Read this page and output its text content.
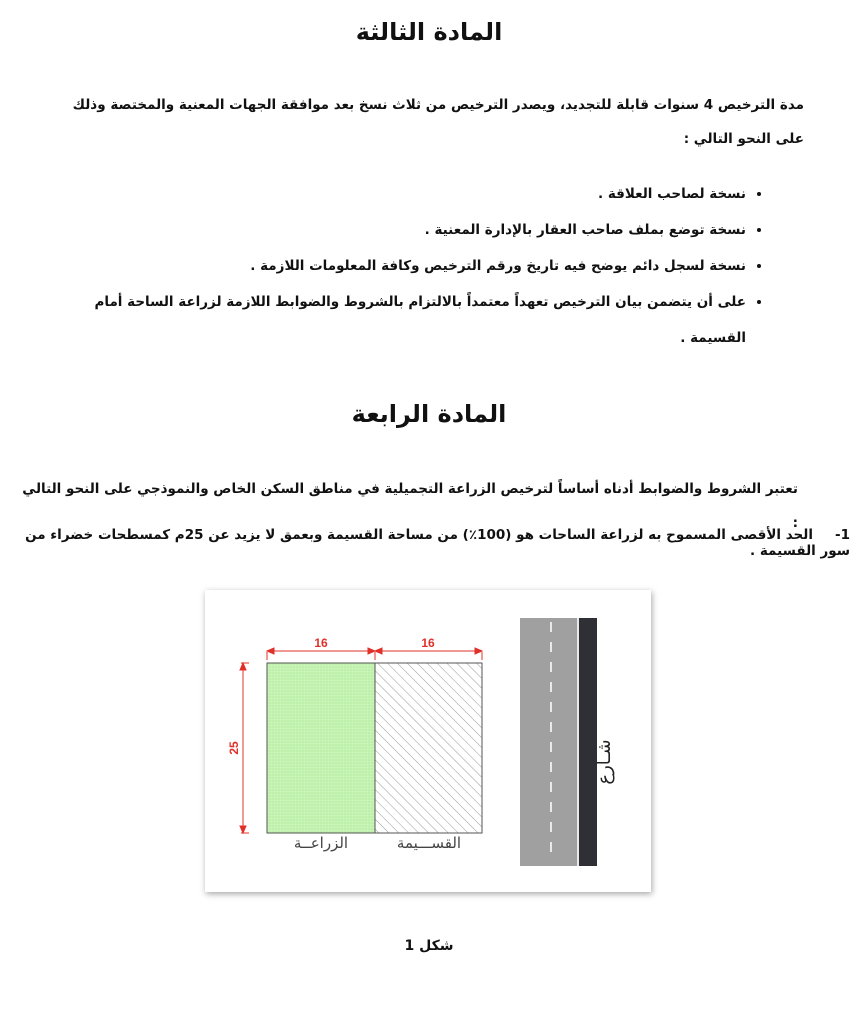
المادة الثالثة

مدة الترخيص 4 سنوات قابلة للتجديد، ويصدر الترخيص من ثلاث نسخ بعد موافقة الجهات المعنية والمختصة وذلك على النحو التالي :

• نسخة لصاحب العلاقة .
• نسخة توضع بملف صاحب العقار بالإدارة المعنية .
• نسخة لسجل دائم يوضح فيه تاريخ ورقم الترخيص وكافة المعلومات اللازمة .
• على أن يتضمن بيان الترخيص تعهداً معتمداً بالالتزام بالشروط والضوابط اللازمة لزراعة الساحة أمام القسيمة .
المادة الرابعة

تعتبر الشروط والضوابط أدناه أساساً لترخيص الزراعة التجميلية في مناطق السكن الخاص والنموذجي على النحو التالي :

1-الحد الأقصى المسموح به لزراعة الساحات هو (100٪) من مساحة القسيمة وبعمق لا يزيد عن 25م كمسطحات خضراء من سور القسيمة .

16	16
25
الزراعــة	القســـيمة
شـارع

شكل 1
